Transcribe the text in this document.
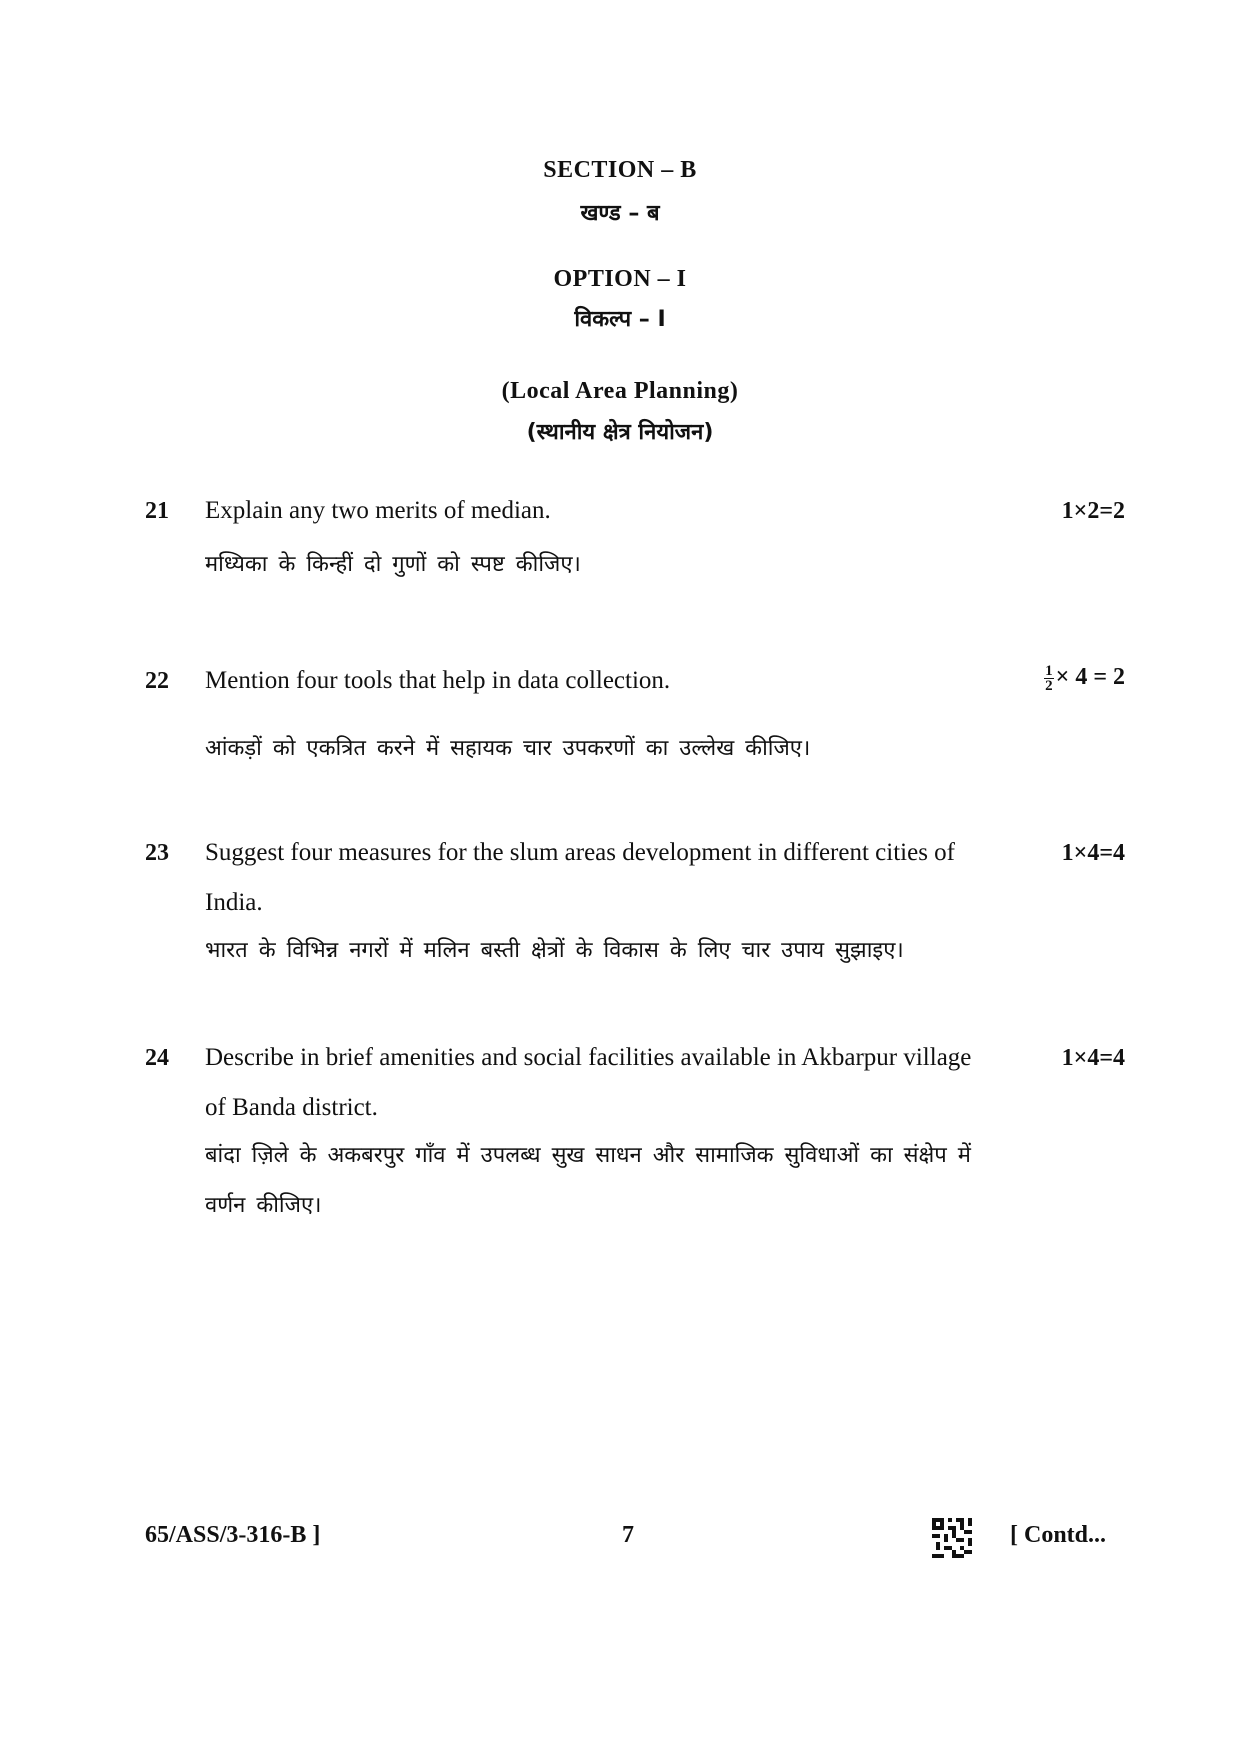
SECTION – B
खण्ड – ब
OPTION – I
विकल्प – I
(Local Area Planning)
(स्थानीय क्षेत्र नियोजन)
21 Explain any two merits of median.	1×2=2
मध्यिका के किन्हीं दो गुणों को स्पष्ट कीजिए।
22 Mention four tools that help in data collection.	$\frac{1}{2} \times 4 = 2$
आंकड़ों को एकत्रित करने में सहायक चार उपकरणों का उल्लेख कीजिए।
23 Suggest four measures for the slum areas development in different cities of India.
1×4=4
भारत के विभिन्न नगरों में मलिन बस्ती क्षेत्रों के विकास के लिए चार उपाय सुझाइए।
24 Describe in brief amenities and social facilities available in Akbarpur village of Banda district.
1×4=4
बांदा ज़िले के अकबरपुर गाँव में उपलब्ध सुख साधन और सामाजिक सुविधाओं का संक्षेप में वर्णन कीजिए।
65/ASS/3-316-B ]	7	[ Contd...
